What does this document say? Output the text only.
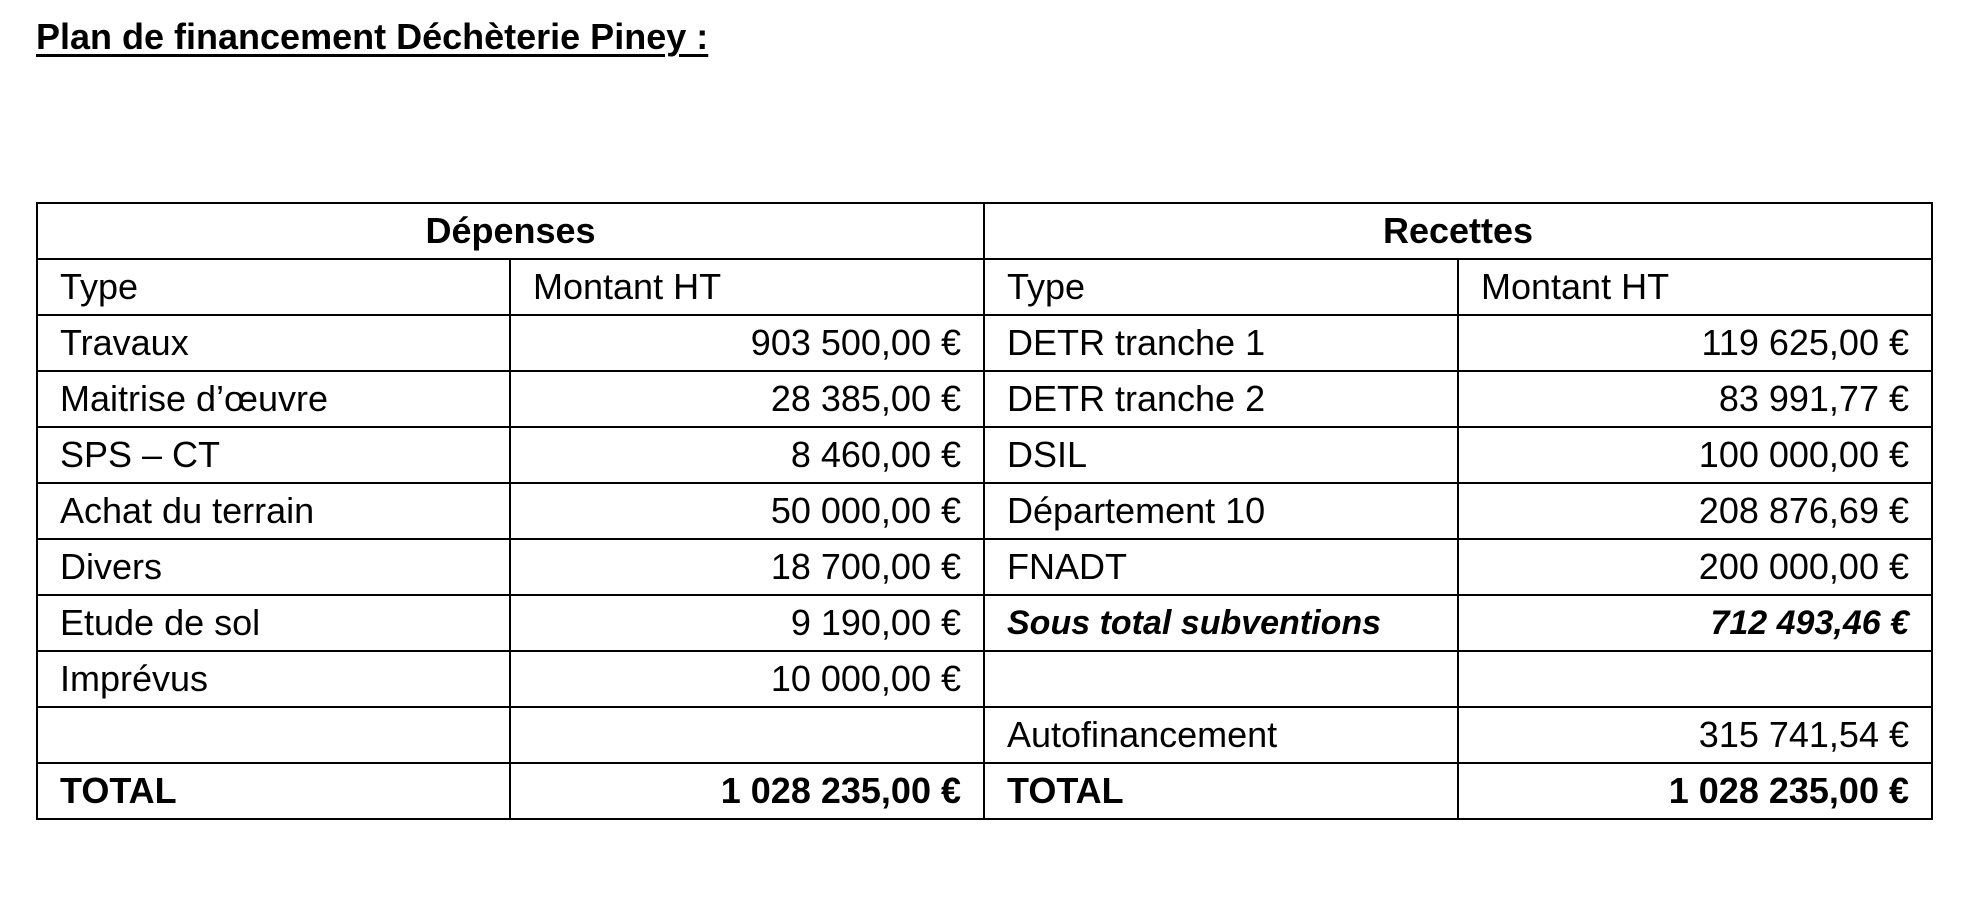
Plan de financement Déchèterie Piney :
Dépenses		Recettes	
Type	Montant HT	Type	Montant HT
Travaux	903 500,00 €	DETR tranche 1	119 625,00 €
Maitrise d’œuvre	28 385,00 €	DETR tranche 2	83 991,77 €
SPS – CT	8 460,00 €	DSIL	100 000,00 €
Achat du terrain	50 000,00 €	Département 10	208 876,69 €
Divers	18 700,00 €	FNADT	200 000,00 €
Etude de sol	9 190,00 €	Sous total subventions	712 493,46 €
Imprévus	10 000,00 €		
		Autofinancement	315 741,54 €
TOTAL	1 028 235,00 €	TOTAL	1 028 235,00 €
